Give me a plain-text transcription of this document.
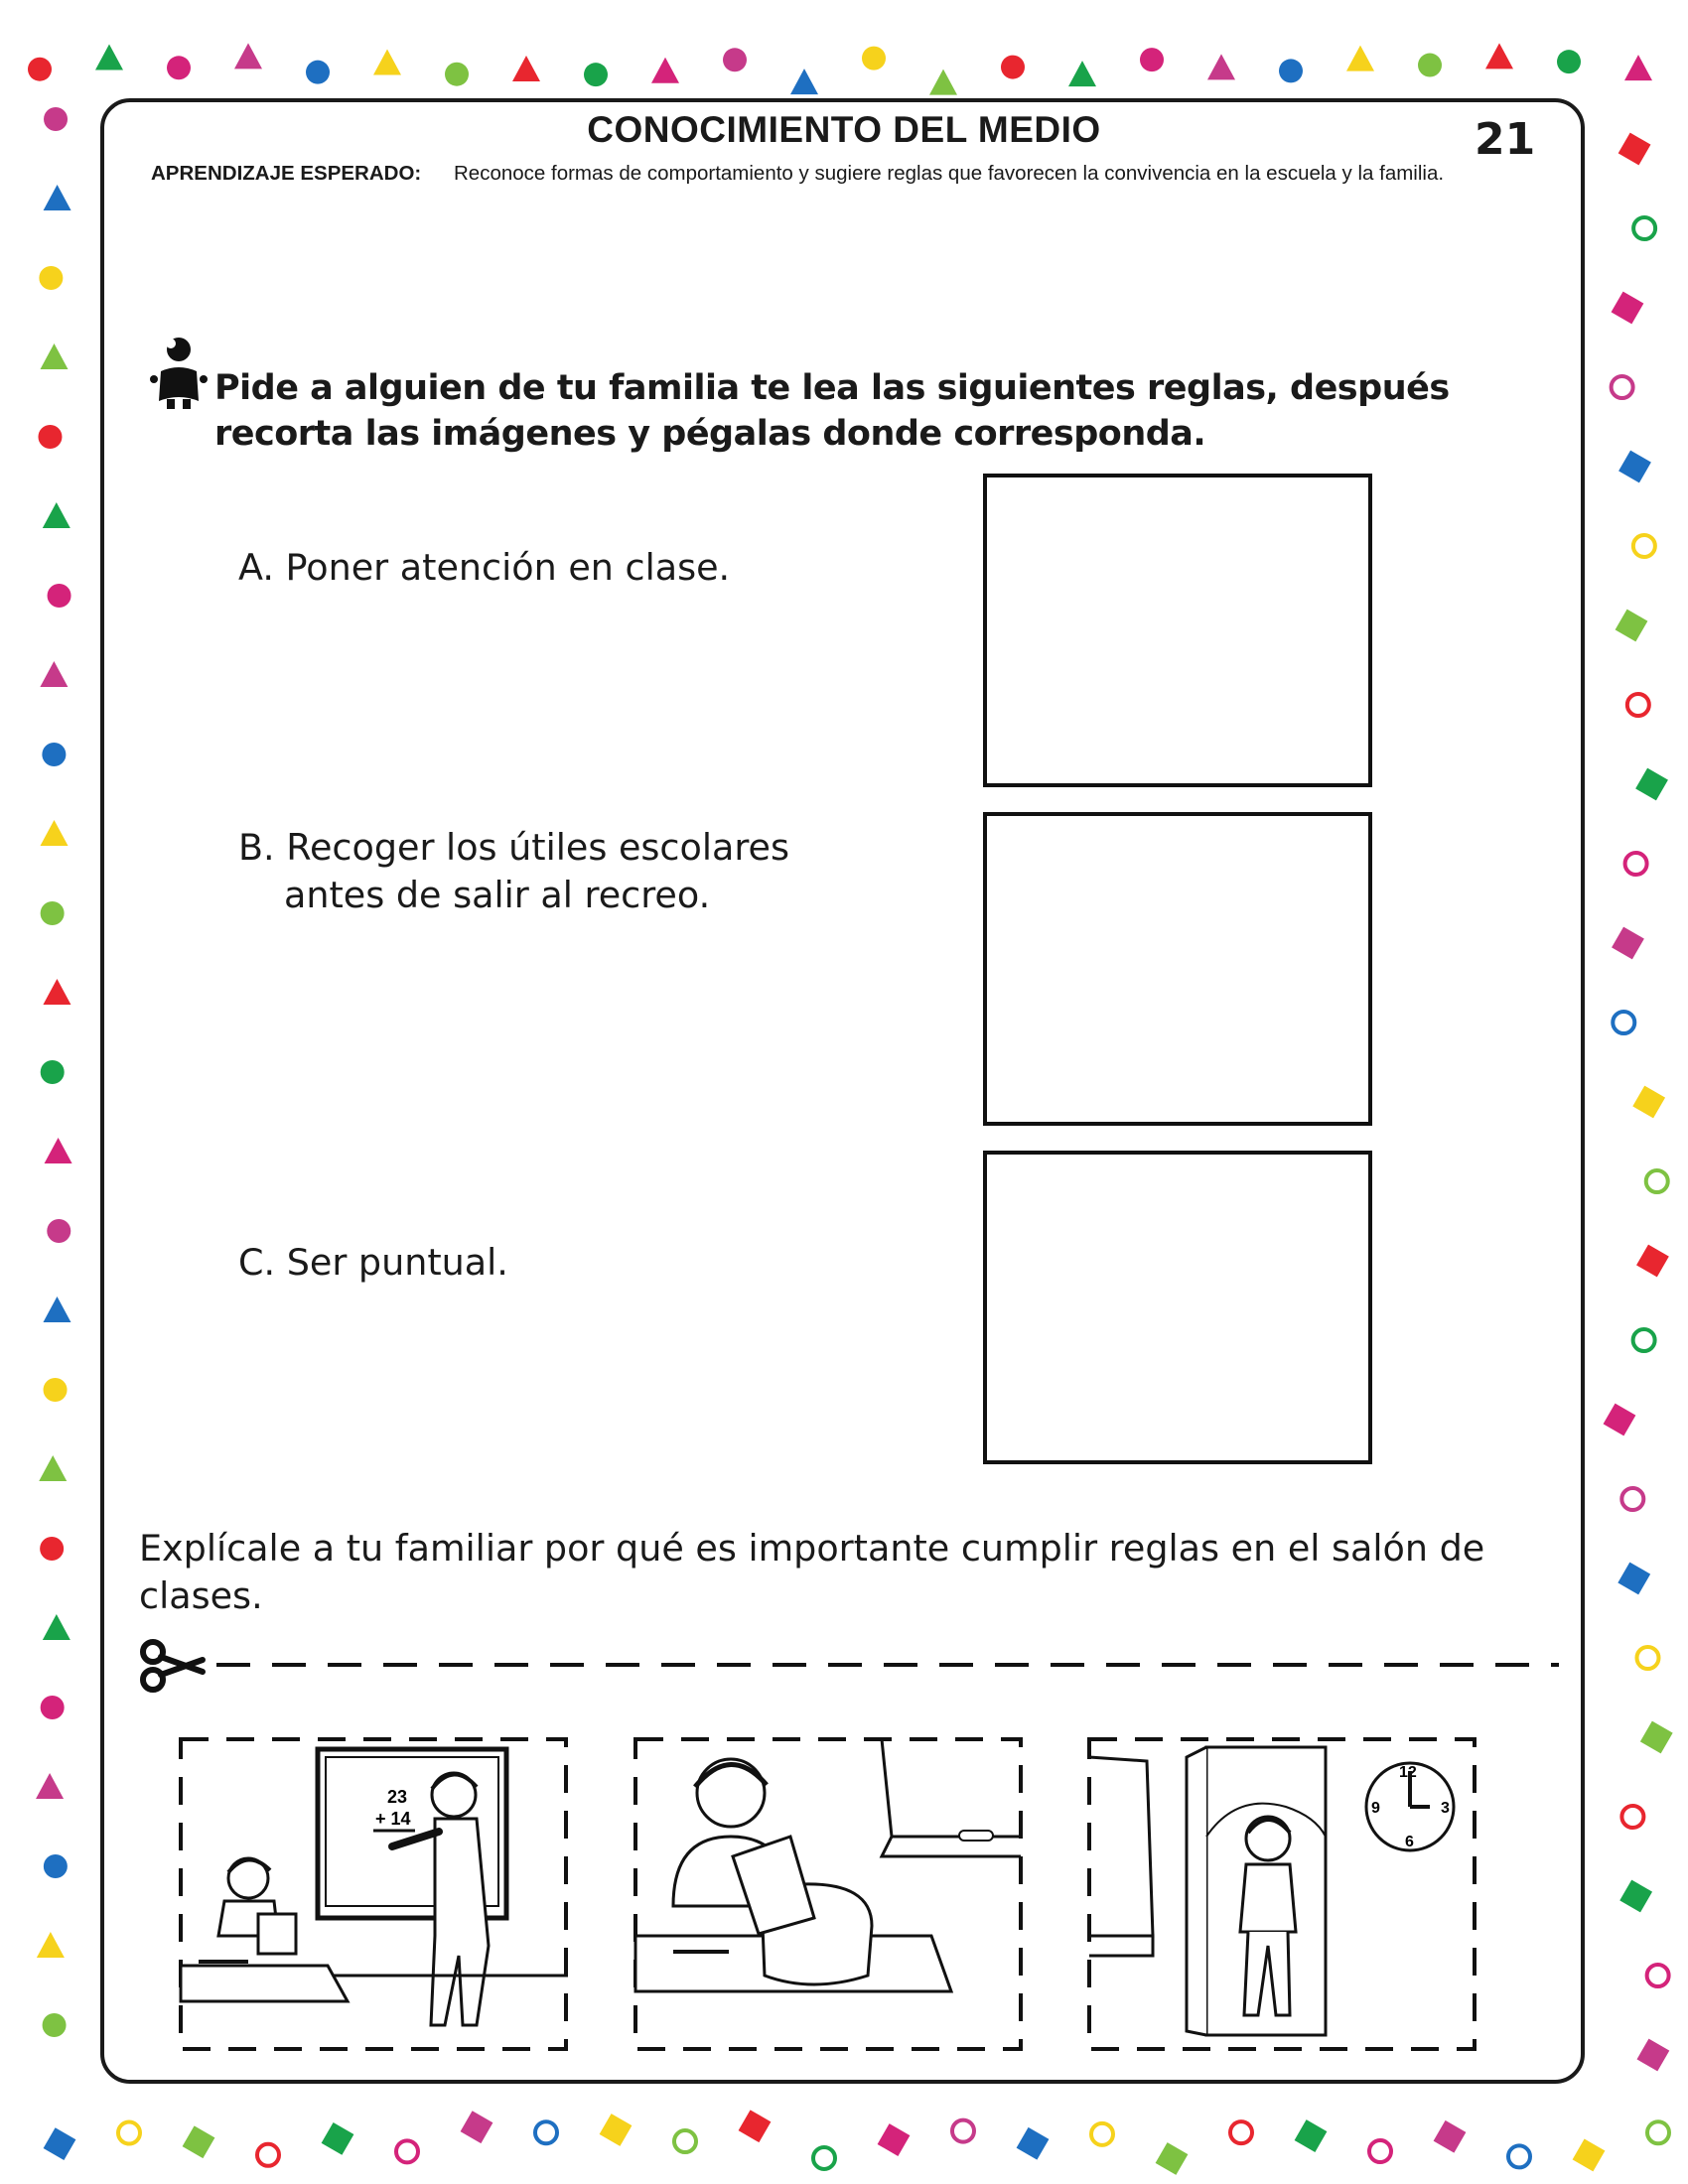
CONOCIMIENTO DEL MEDIO	21
APRENDIZAJE ESPERADO: Reconoce formas de comportamiento y sugiere reglas que favorecen la convivencia en la escuela y la familia.
Pide a alguien de tu familia te lea las siguientes reglas, después recorta las imágenes y pégalas donde corresponda.
A. Poner atención en clase.
B. Recoger los útiles escolares
antes de salir al recreo.
C. Ser puntual.
Explícale a tu familiar por qué es importante cumplir reglas en el salón de clases.
23
+ 14
12
3
6
9
